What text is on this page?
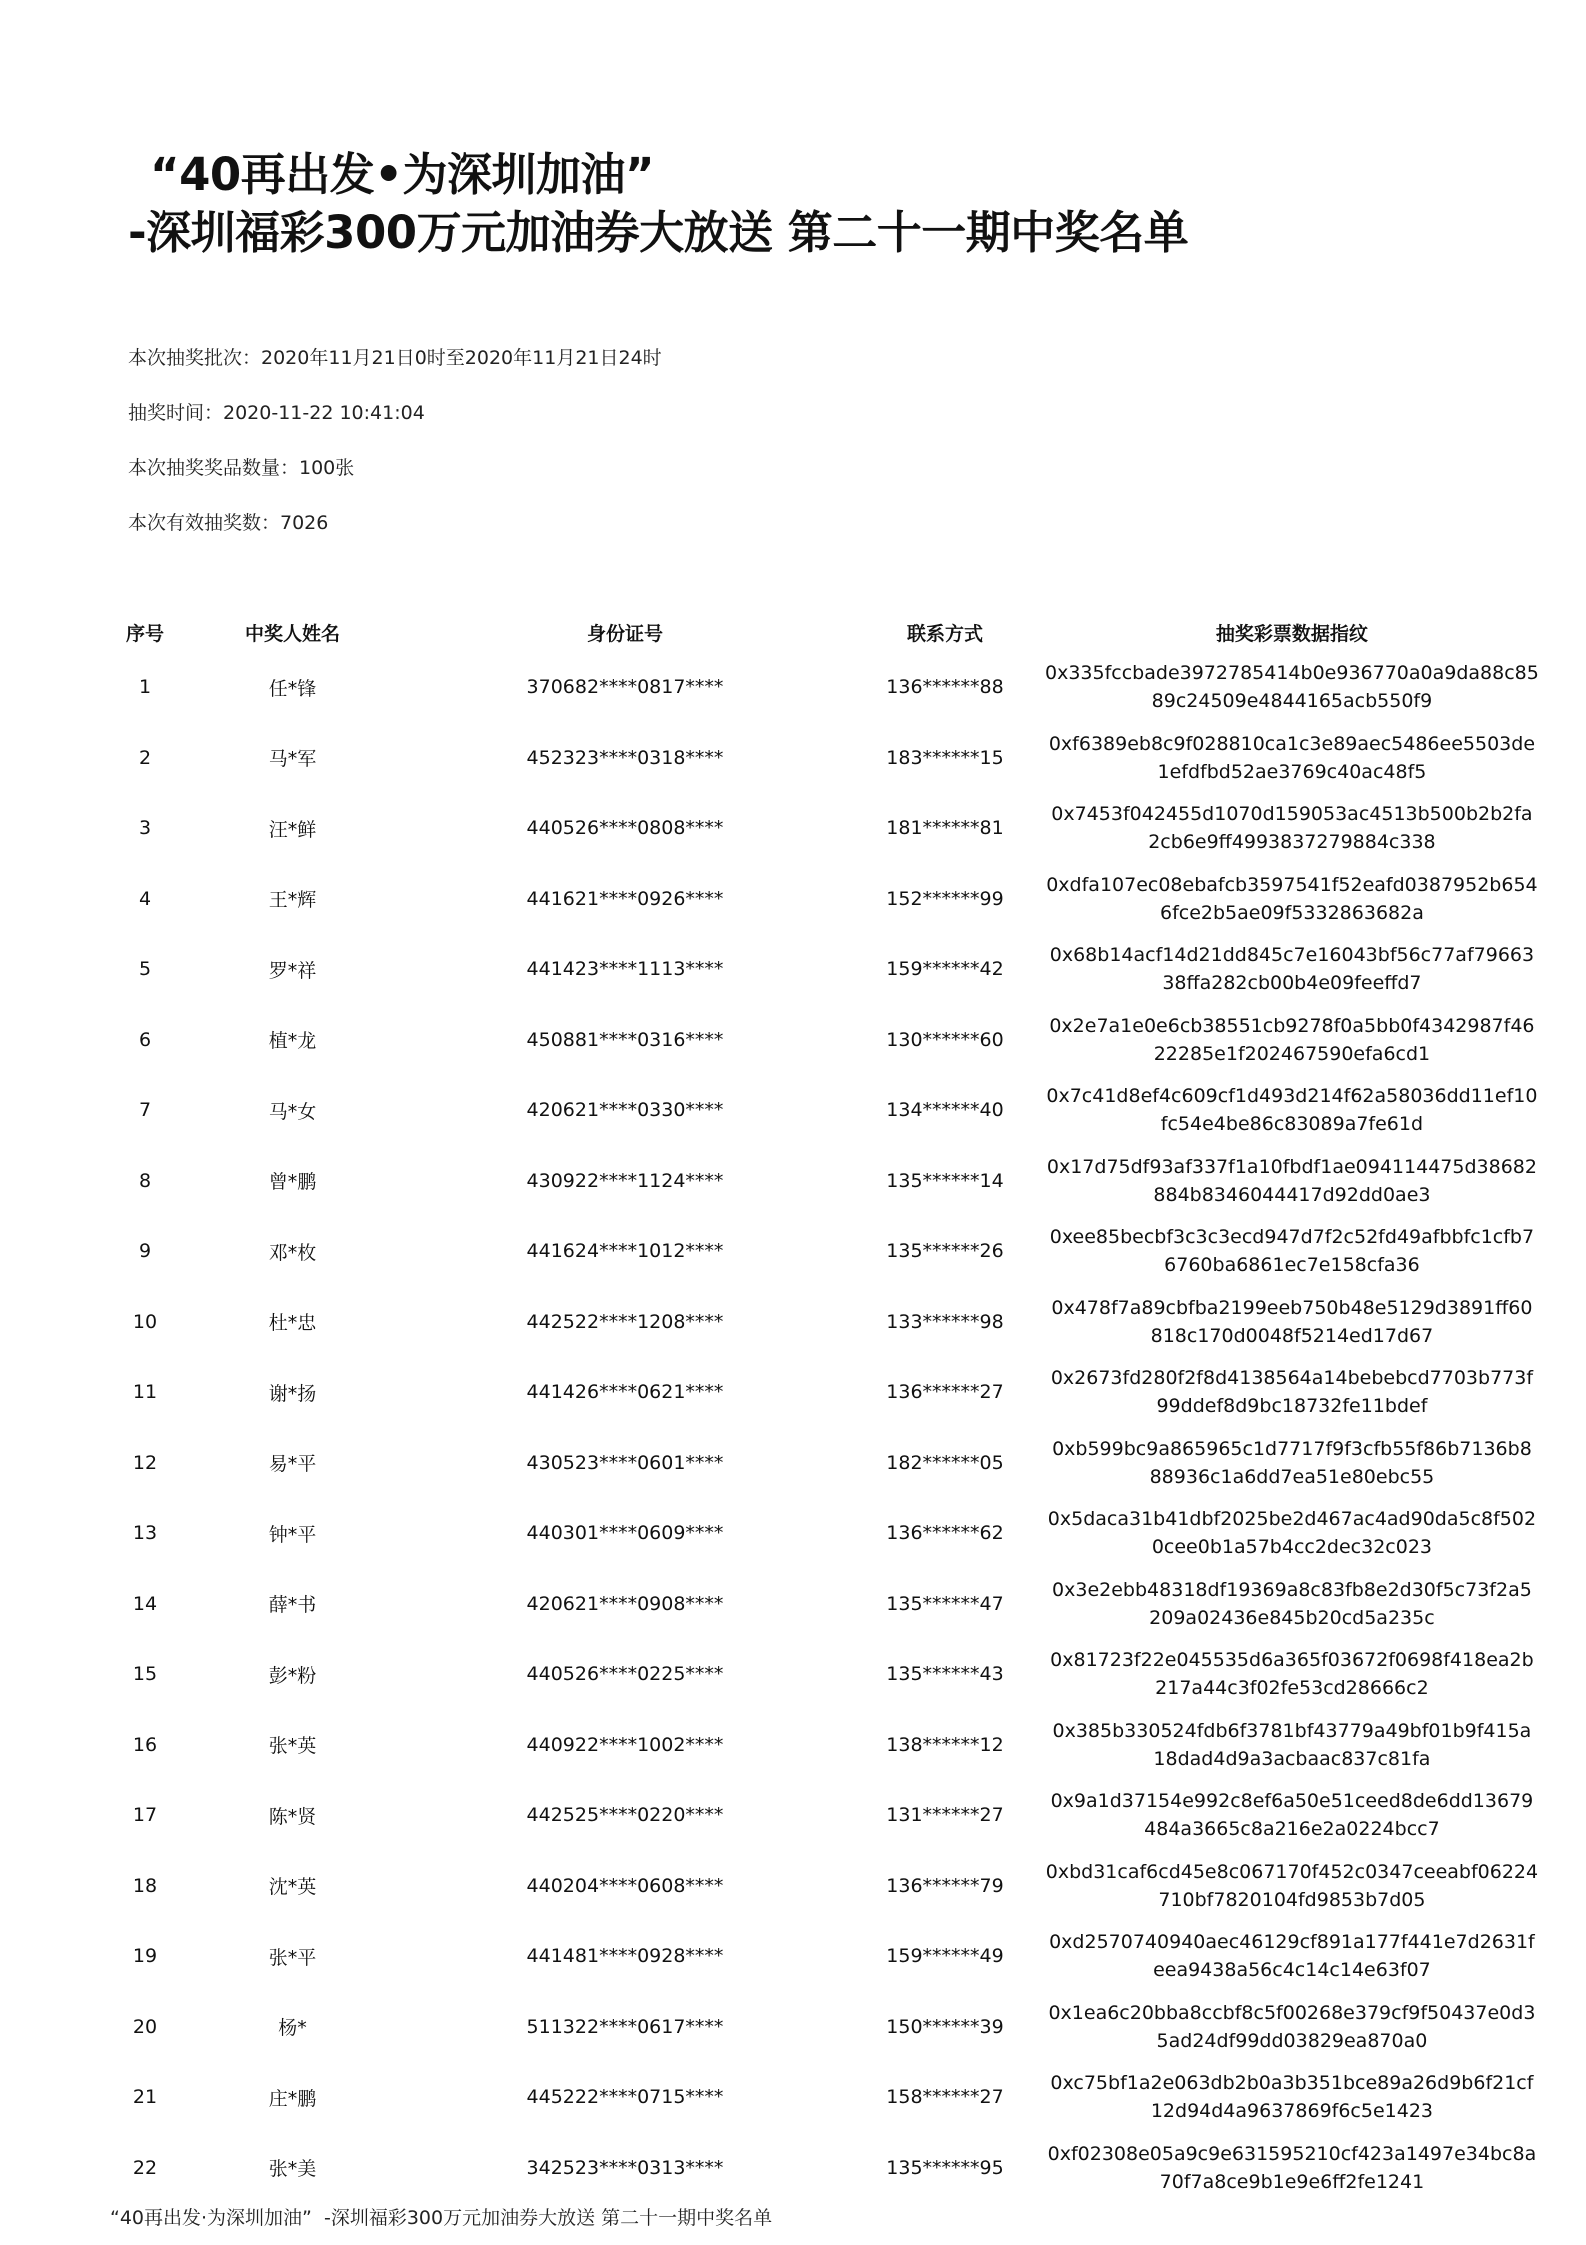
“40再出发•为深圳加油”
-深圳福彩300万元加油券大放送 第二十一期中奖名单
本次抽奖批次：2020年11月21日0时至2020年11月21日24时
抽奖时间：2020-11-22 10:41:04
本次抽奖奖品数量：100张
本次有效抽奖数：7026
序号	中奖人姓名	身份证号	联系方式	抽奖彩票数据指纹
1	任*锋	370682****0817****	136******88	0x335fccbade3972785414b0e936770a0a9da88c85
89c24509e4844165acb550f9

2	马*军	452323****0318****	183******15	0xf6389eb8c9f028810ca1c3e89aec5486ee5503de
1efdfbd52ae3769c40ac48f5

3	汪*鲜	440526****0808****	181******81	0x7453f042455d1070d159053ac4513b500b2b2fa
2cb6e9ff4993837279884c338

4	王*辉	441621****0926****	152******99	0xdfa107ec08ebafcb3597541f52eafd0387952b654
6fce2b5ae09f5332863682a

5	罗*祥	441423****1113****	159******42	0x68b14acf14d21dd845c7e16043bf56c77af79663
38ffa282cb00b4e09feeffd7

6	植*龙	450881****0316****	130******60	0x2e7a1e0e6cb38551cb9278f0a5bb0f4342987f46
22285e1f202467590efa6cd1

7	马*女	420621****0330****	134******40	0x7c41d8ef4c609cf1d493d214f62a58036dd11ef10
fc54e4be86c83089a7fe61d

8	曾*鹏	430922****1124****	135******14	0x17d75df93af337f1a10fbdf1ae094114475d38682
884b8346044417d92dd0ae3

9	邓*枚	441624****1012****	135******26	0xee85becbf3c3c3ecd947d7f2c52fd49afbbfc1cfb7
6760ba6861ec7e158cfa36

10	杜*忠	442522****1208****	133******98	0x478f7a89cbfba2199eeb750b48e5129d3891ff60
818c170d0048f5214ed17d67

11	谢*扬	441426****0621****	136******27	0x2673fd280f2f8d4138564a14bebebcd7703b773f
99ddef8d9bc18732fe11bdef

12	易*平	430523****0601****	182******05	0xb599bc9a865965c1d7717f9f3cfb55f86b7136b8
88936c1a6dd7ea51e80ebc55

13	钟*平	440301****0609****	136******62	0x5daca31b41dbf2025be2d467ac4ad90da5c8f502
0cee0b1a57b4cc2dec32c023

14	薛*书	420621****0908****	135******47	0x3e2ebb48318df19369a8c83fb8e2d30f5c73f2a5
209a02436e845b20cd5a235c

15	彭*粉	440526****0225****	135******43	0x81723f22e045535d6a365f03672f0698f418ea2b
217a44c3f02fe53cd28666c2

16	张*英	440922****1002****	138******12	0x385b330524fdb6f3781bf43779a49bf01b9f415a
18dad4d9a3acbaac837c81fa

17	陈*贤	442525****0220****	131******27	0x9a1d37154e992c8ef6a50e51ceed8de6dd13679
484a3665c8a216e2a0224bcc7

18	沈*英	440204****0608****	136******79	0xbd31caf6cd45e8c067170f452c0347ceeabf06224
710bf7820104fd9853b7d05

19	张*平	441481****0928****	159******49	0xd2570740940aec46129cf891a177f441e7d2631f
eea9438a56c4c14c14e63f07

20	杨*	511322****0617****	150******39	0x1ea6c20bba8ccbf8c5f00268e379cf9f50437e0d3
5ad24df99dd03829ea870a0

21	庄*鹏	445222****0715****	158******27	0xc75bf1a2e063db2b0a3b351bce89a26d9b6f21cf
12d94d4a9637869f6c5e1423

22	张*美	342523****0313****	135******95	0xf02308e05a9c9e631595210cf423a1497e34bc8a
70f7a8ce9b1e9e6ff2fe1241
“40再出发·为深圳加油”  -深圳福彩300万元加油券大放送 第二十一期中奖名单
